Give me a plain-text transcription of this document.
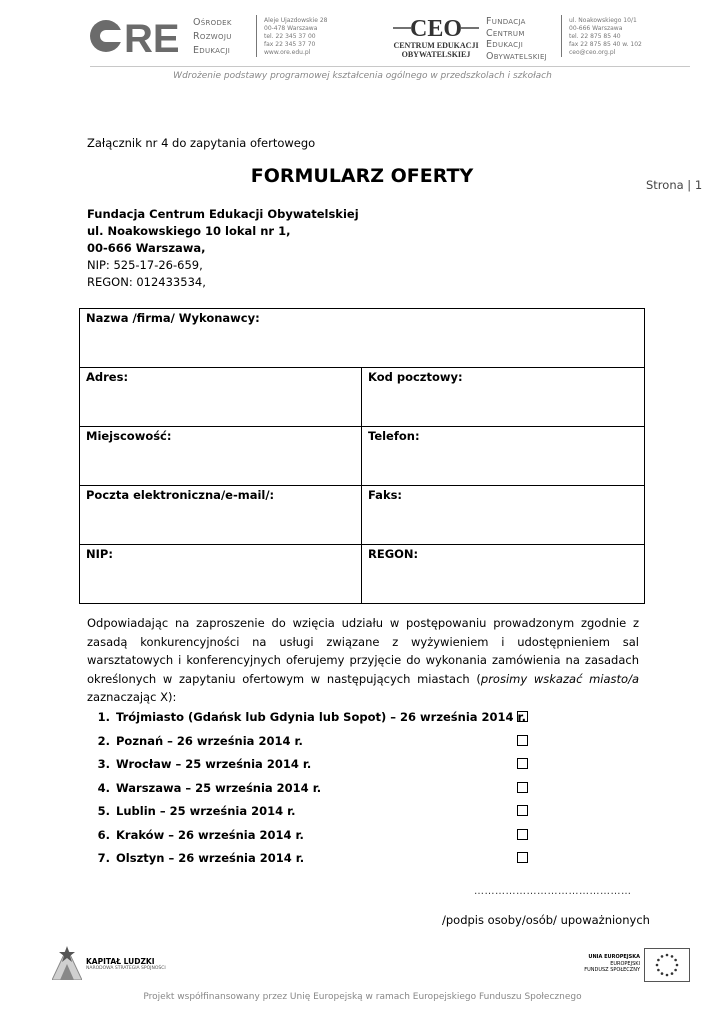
RE Ośrodek
Rozwoju
Edukacji
Aleje Ujazdowskie 28
00-478 Warszawa
tel. 22 345 37 00
fax 22 345 37 70
www.ore.edu.pl
CEO
CENTRUM EDUKACJI
OBYWATELSKIEJ
Fundacja
Centrum
Edukacji
Obywatelskiej
ul. Noakowskiego 10/1
00-666 Warszawa
tel. 22 875 85 40
fax 22 875 85 40 w. 102
ceo@ceo.org.pl
Wdrożenie podstawy programowej kształcenia ogólnego w przedszkolach i szkołach
Załącznik nr 4 do zapytania ofertowego
FORMULARZ OFERTY	Strona | 1
Fundacja Centrum Edukacji Obywatelskiej
ul. Noakowskiego 10 lokal nr 1,
00-666 Warszawa,
NIP: 525-17-26-659,
REGON: 012433534,
Nazwa /firma/ Wykonawcy:	
Adres:	Kod pocztowy:
Miejscowość:	Telefon:
Poczta elektroniczna/e-mail/:	Faks:
NIP:	REGON:
Odpowiadając na zaproszenie do wzięcia udziału w postępowaniu prowadzonym zgodnie z zasadą konkurencyjności na usługi związane z wyżywieniem i udostępnieniem sal warsztatowych i konferencyjnych oferujemy przyjęcie do wykonania zamówienia na zasadach określonych w zapytaniu ofertowym w następujących miastach (prosimy wskazać miasto/a zaznaczając X):
1. Trójmiasto (Gdańsk lub Gdynia lub Sopot) – 26 września 2014 r.
2. Poznań – 26 września 2014 r.
3. Wrocław – 25 września 2014 r.
4. Warszawa – 25 września 2014 r.
5. Lublin – 25 września 2014 r.
6. Kraków – 26 września 2014 r.
7. Olsztyn – 26 września 2014 r.
………………………………………
/podpis osoby/osób/ upoważnionych
KAPITAŁ LUDZKI
NARODOWA STRATEGIA SPÓJNOŚCI
UNIA EUROPEJSKA
EUROPEJSKI
FUNDUSZ SPOŁECZNY
Projekt współfinansowany przez Unię Europejską w ramach Europejskiego Funduszu Społecznego
